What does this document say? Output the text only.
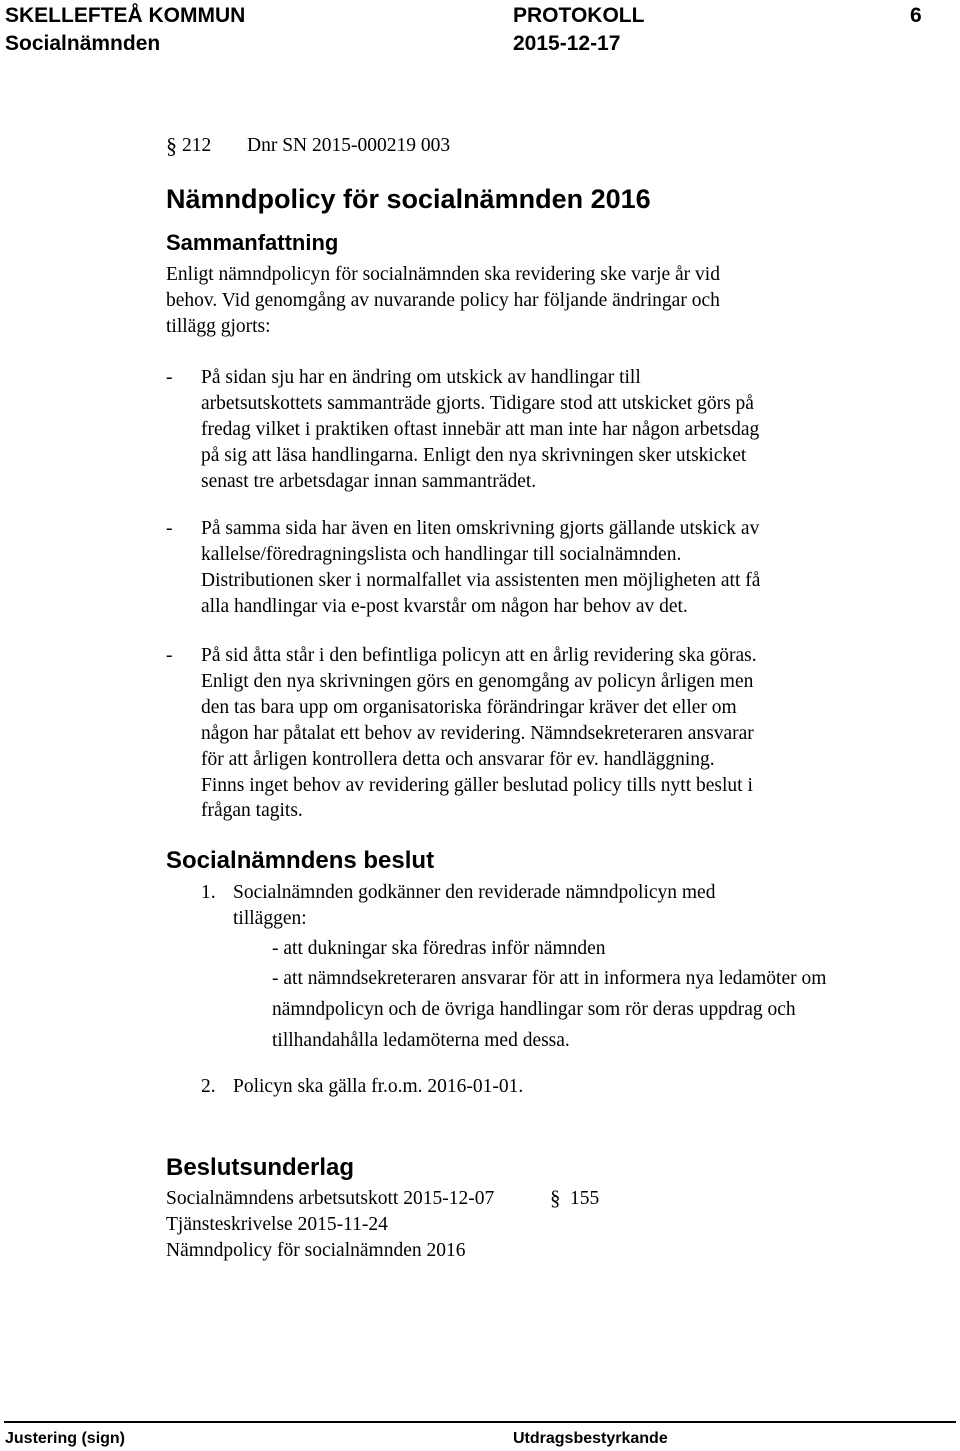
SKELLEFTEÅ KOMMUN
Socialnämnden
PROTOKOLL
2015-12-17
6
§ 212 Dnr SN 2015-000219 003
Nämndpolicy för socialnämnden 2016
Sammanfattning
Enligt nämndpolicyn för socialnämnden ska revidering ske varje år vid
behov. Vid genomgång av nuvarande policy har följande ändringar och
tillägg gjorts:
- På sidan sju har en ändring om utskick av handlingar till
arbetsutskottets sammanträde gjorts. Tidigare stod att utskicket görs på
fredag vilket i praktiken oftast innebär att man inte har någon arbetsdag
på sig att läsa handlingarna. Enligt den nya skrivningen sker utskicket
senast tre arbetsdagar innan sammanträdet.
- På samma sida har även en liten omskrivning gjorts gällande utskick av
kallelse/föredragningslista och handlingar till socialnämnden.
Distributionen sker i normalfallet via assistenten men möjligheten att få
alla handlingar via e-post kvarstår om någon har behov av det.
- På sid åtta står i den befintliga policyn att en årlig revidering ska göras.
Enligt den nya skrivningen görs en genomgång av policyn årligen men
den tas bara upp om organisatoriska förändringar kräver det eller om
någon har påtalat ett behov av revidering. Nämndsekreteraren ansvarar
för att årligen kontrollera detta och ansvarar för ev. handläggning.
Finns inget behov av revidering gäller beslutad policy tills nytt beslut i
frågan tagits.
Socialnämndens beslut
1. Socialnämnden godkänner den reviderade nämndpolicyn med
tilläggen:
- att dukningar ska föredras inför nämnden
- att nämndsekreteraren ansvarar för att in informera nya ledamöter om
nämndpolicyn och de övriga handlingar som rör deras uppdrag och
tillhandahålla ledamöterna med dessa.
2. Policyn ska gälla fr.o.m. 2016-01-01.
Beslutsunderlag
Socialnämndens arbetsutskott 2015-12-07	§ 155
Tjänsteskrivelse 2015-11-24
Nämndpolicy för socialnämnden 2016
Justering (sign)	Utdragsbestyrkande
